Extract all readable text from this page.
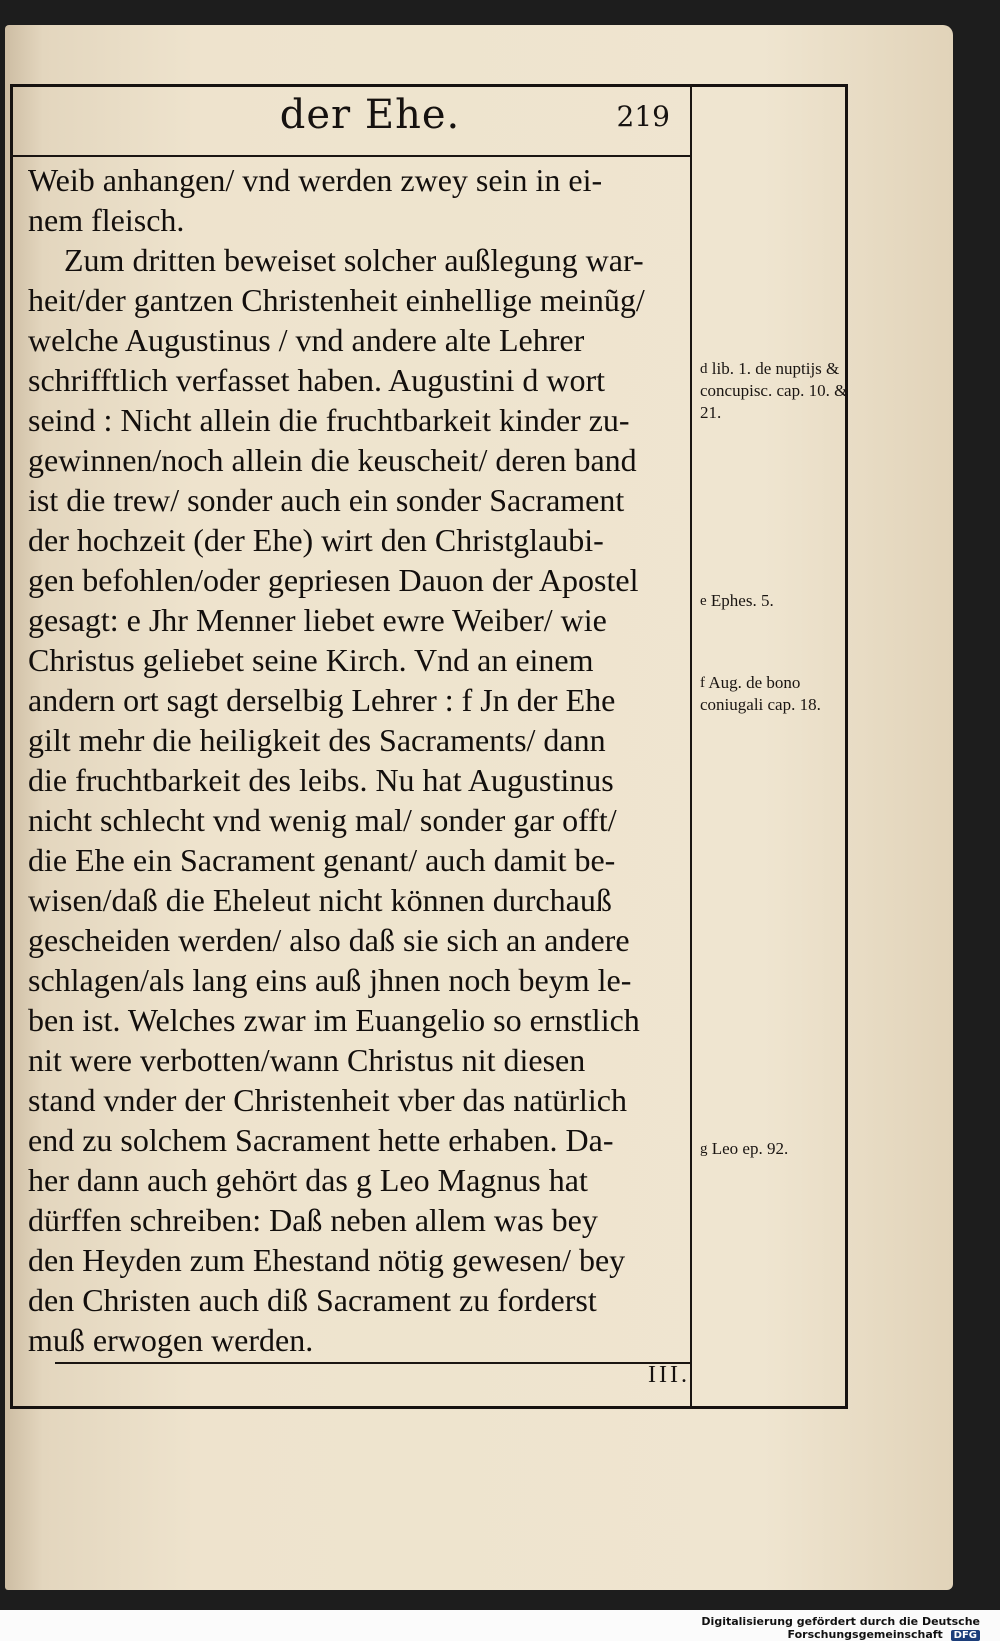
der Ehe.	219
Weib anhangen/ vnd werden zwey sein in ei-
nem fleisch.
Zum dritten beweiset solcher außlegung war-
heit/der gantzen Christenheit einhellige meinũg/
welche Augustinus / vnd andere alte Lehrer
schrifftlich verfasset haben. Augustini d wort
seind : Nicht allein die fruchtbarkeit kinder zu-
gewinnen/noch allein die keuscheit/ deren band
ist die trew/ sonder auch ein sonder Sacrament
der hochzeit (der Ehe) wirt den Christglaubi-
gen befohlen/oder gepriesen Dauon der Apostel
gesagt: e Jhr Menner liebet ewre Weiber/ wie
Christus geliebet seine Kirch. Vnd an einem
andern ort sagt derselbig Lehrer : f Jn der Ehe
gilt mehr die heiligkeit des Sacraments/ dann
die fruchtbarkeit des leibs. Nu hat Augustinus
nicht schlecht vnd wenig mal/ sonder gar offt/
die Ehe ein Sacrament genant/ auch damit be-
wisen/daß die Eheleut nicht können durchauß
gescheiden werden/ also daß sie sich an andere
schlagen/als lang eins auß jhnen noch beym le-
ben ist. Welches zwar im Euangelio so ernstlich
nit were verbotten/wann Christus nit diesen
stand vnder der Christenheit vber das natürlich
end zu solchem Sacrament hette erhaben. Da-
her dann auch gehört das g Leo Magnus hat
dürffen schreiben: Daß neben allem was bey
den Heyden zum Ehestand nötig gewesen/ bey
den Christen auch diß Sacrament zu forderst
muß erwogen werden.
d lib. 1. de nuptijs & concupisc. cap. 10. & 21.
e Ephes. 5.
f Aug. de bono coniugali cap. 18.
g Leo ep. 92.
III.
Digitalisierung gefördert durch die Deutsche Forschungsgemeinschaft DFG
